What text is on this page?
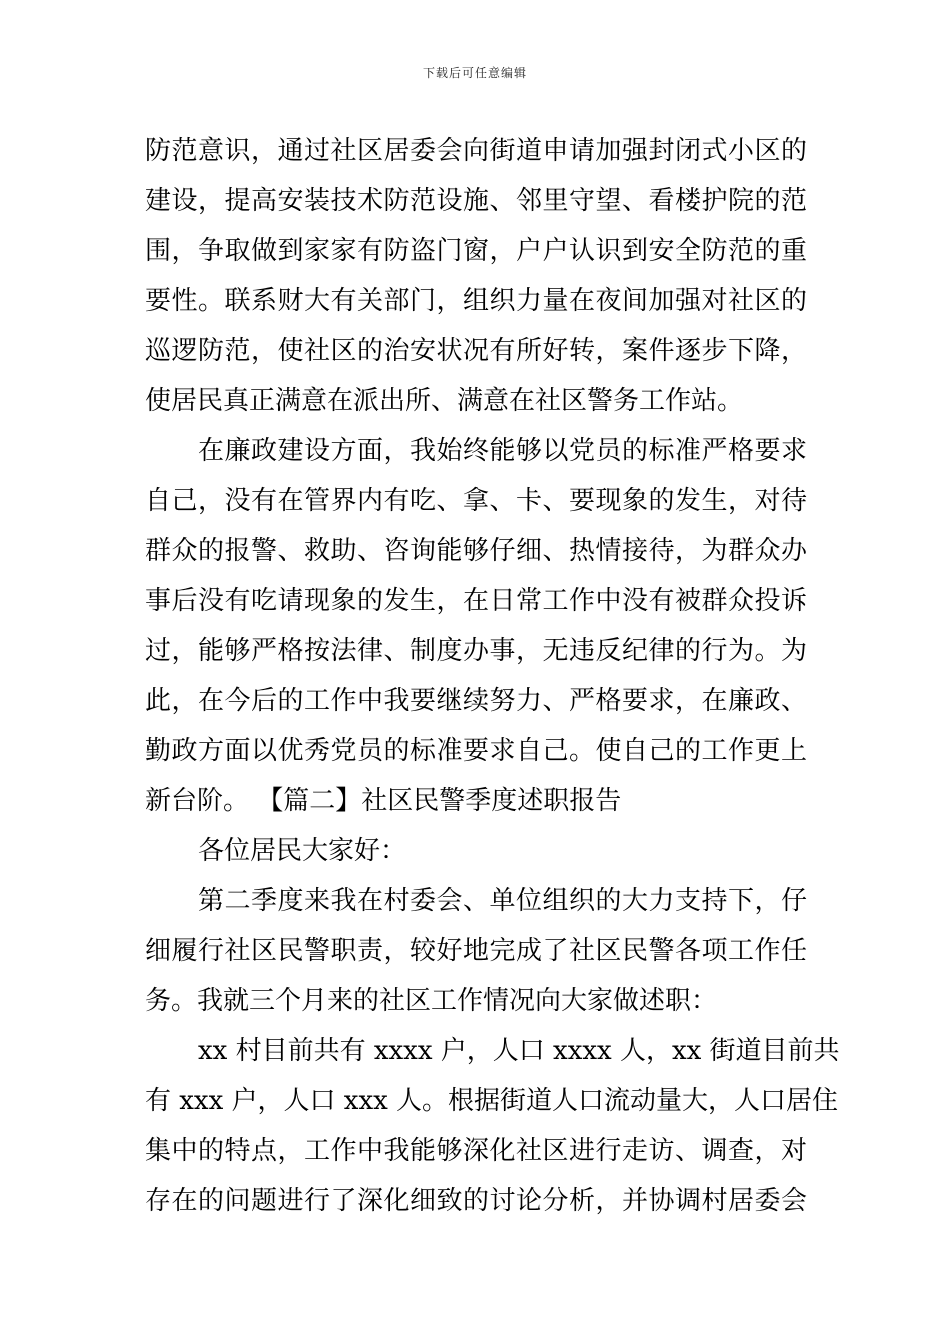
下载后可任意编辑
防范意识，通过社区居委会向街道申请加强封闭式小区的
建设，提高安装技术防范设施、邻里守望、看楼护院的范
围，争取做到家家有防盗门窗，户户认识到安全防范的重
要性。联系财大有关部门，组织力量在夜间加强对社区的
巡逻防范，使社区的治安状况有所好转，案件逐步下降，
使居民真正满意在派出所、满意在社区警务工作站。
在廉政建设方面，我始终能够以党员的标准严格要求
自己，没有在管界内有吃、拿、卡、要现象的发生，对待
群众的报警、救助、咨询能够仔细、热情接待，为群众办
事后没有吃请现象的发生，在日常工作中没有被群众投诉
过，能够严格按法律、制度办事，无违反纪律的行为。为
此，在今后的工作中我要继续努力、严格要求，在廉政、
勤政方面以优秀党员的标准要求自己。使自己的工作更上
新台阶。 【篇二】社区民警季度述职报告
各位居民大家好：
第二季度来我在村委会、单位组织的大力支持下，仔
细履行社区民警职责，较好地完成了社区民警各项工作任
务。我就三个月来的社区工作情况向大家做述职：
xx 村目前共有 xxxx 户，人口 xxxx 人，xx 街道目前共
有 xxx 户，人口 xxx 人。根据街道人口流动量大，人口居住
集中的特点，工作中我能够深化社区进行走访、调查，对
存在的问题进行了深化细致的讨论分析，并协调村居委会
